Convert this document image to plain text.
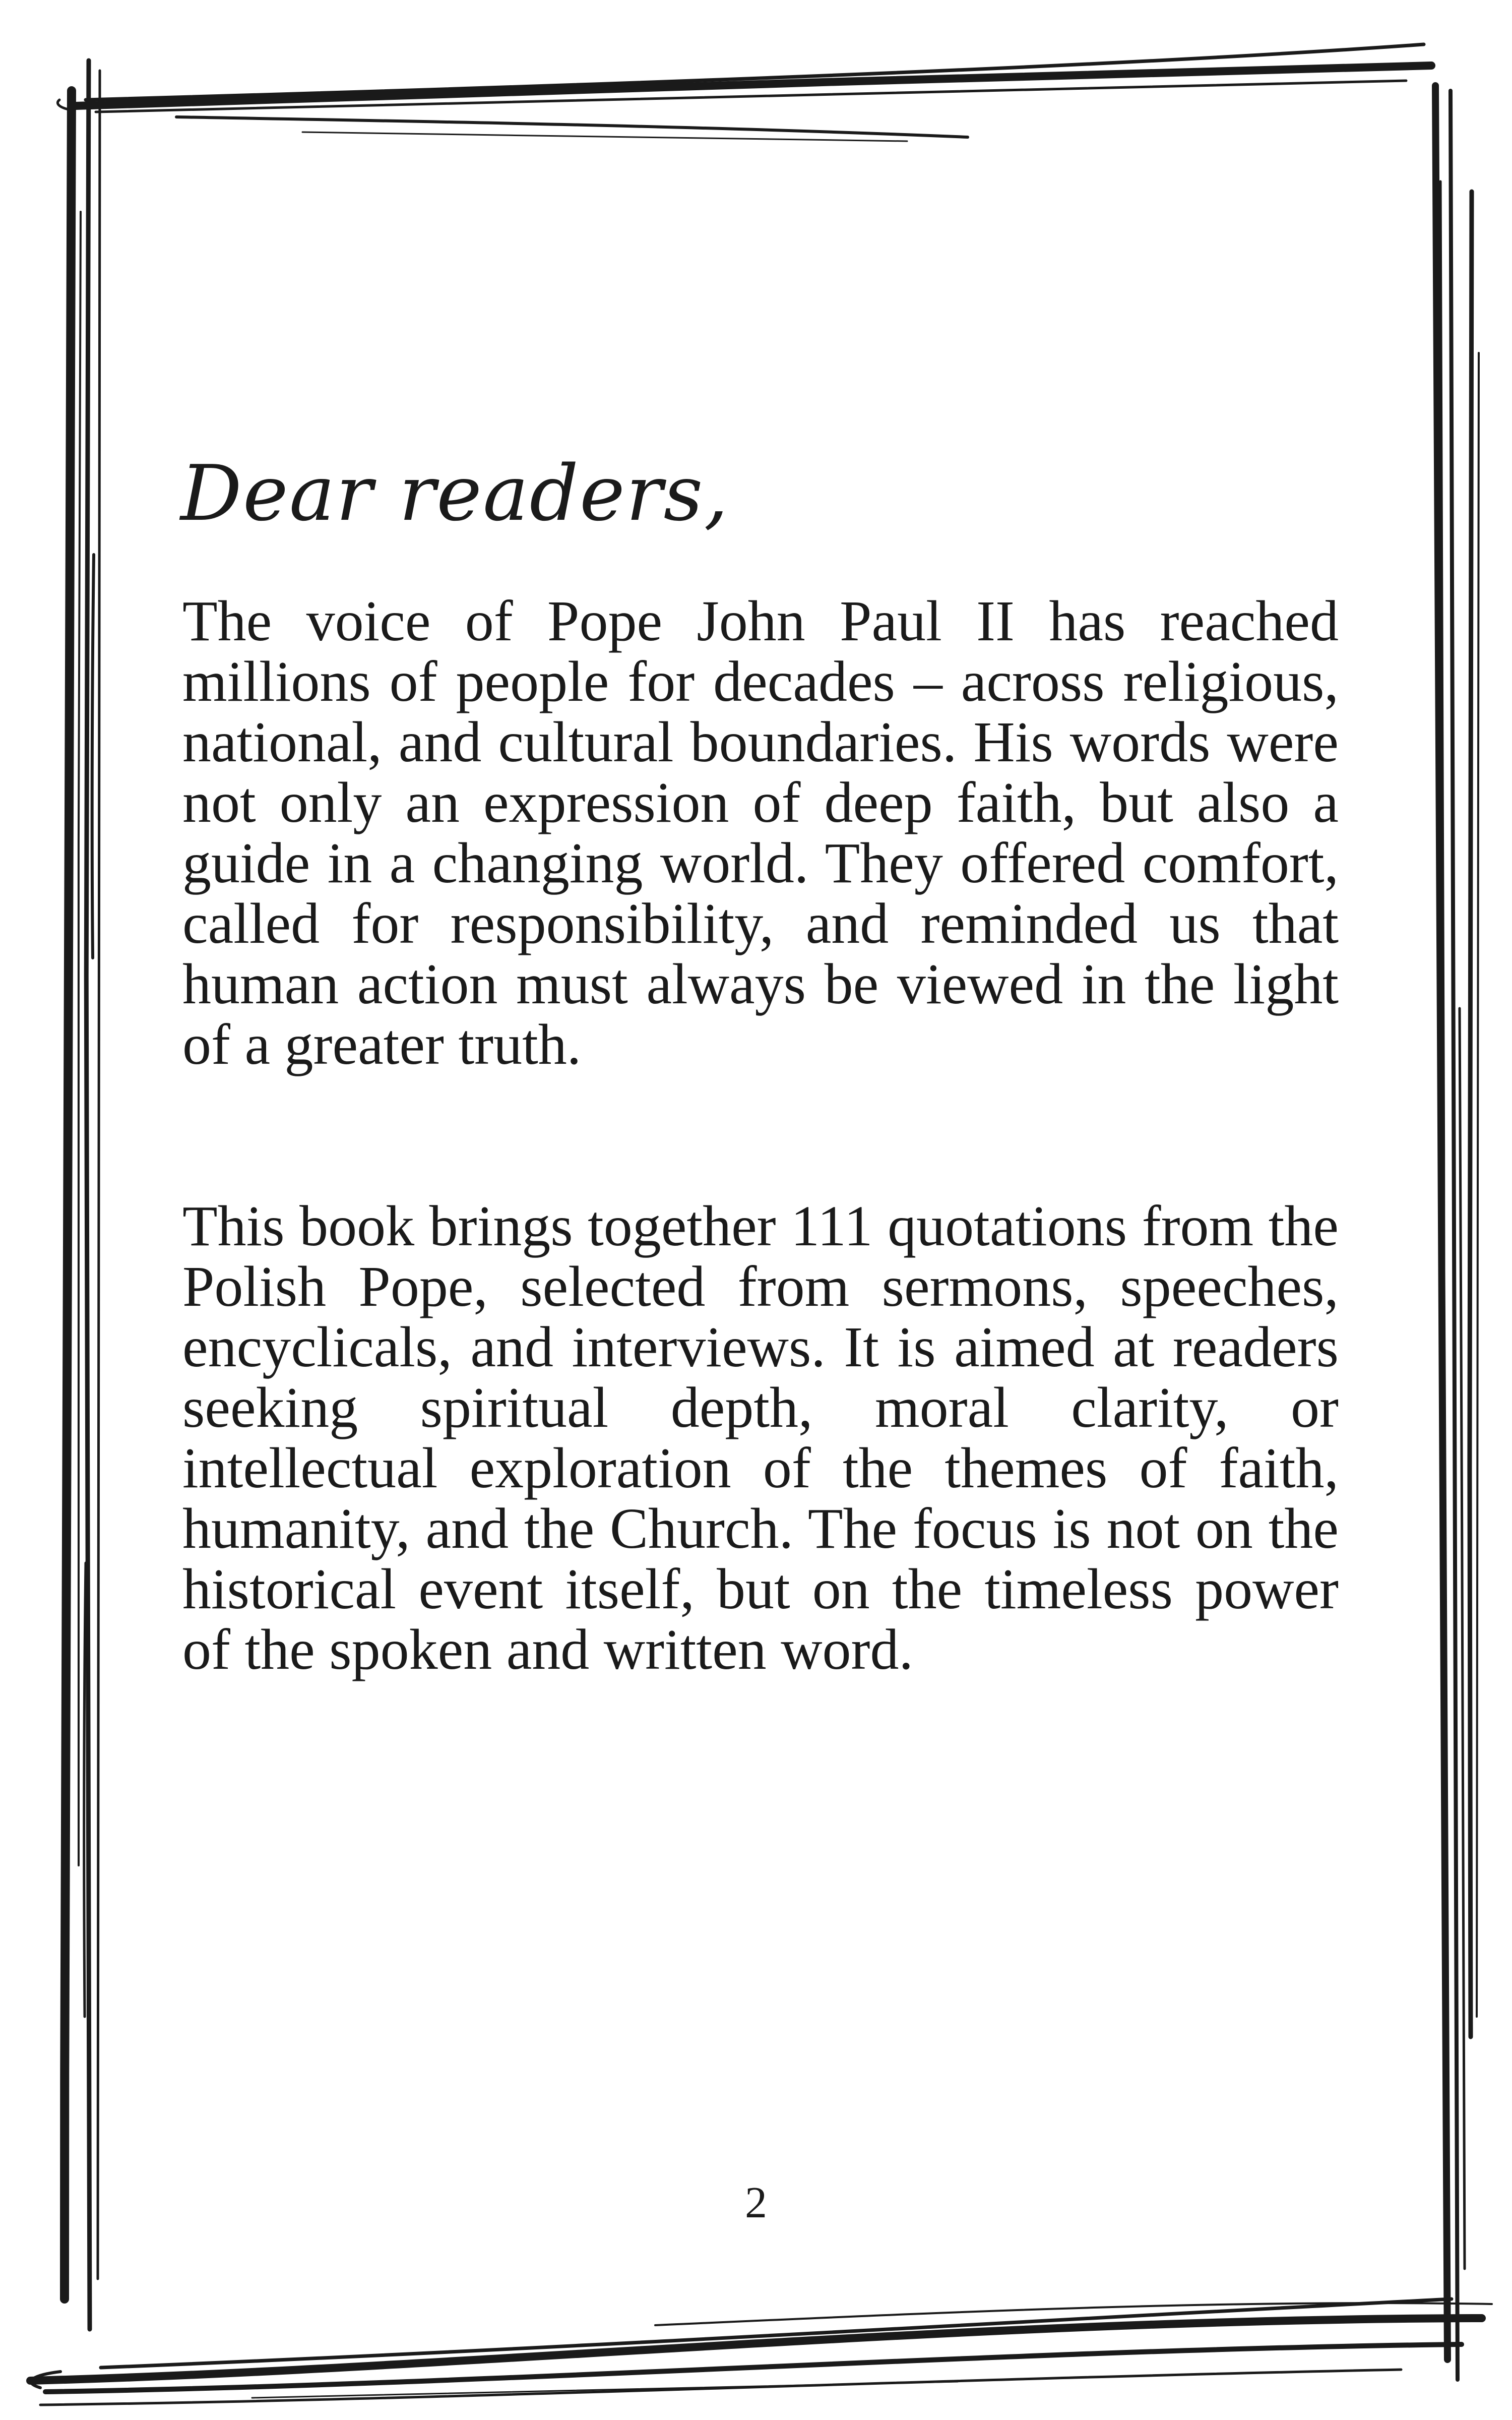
Dear readers,

The voice of Pope John Paul II has reached millions of people for decades – across religious, national, and cultural boundaries. His words were not only an expression of deep faith, but also a guide in a changing world. They offered comfort, called for responsibility, and reminded us that human action must always be viewed in the light of a greater truth.

This book brings together 111 quotations from the Polish Pope, selected from sermons, speeches, encyclicals, and interviews. It is aimed at readers seeking spiritual depth, moral clarity, or intellectual exploration of the themes of faith, humanity, and the Church. The focus is not on the historical event itself, but on the timeless power of the spoken and written word.

2
